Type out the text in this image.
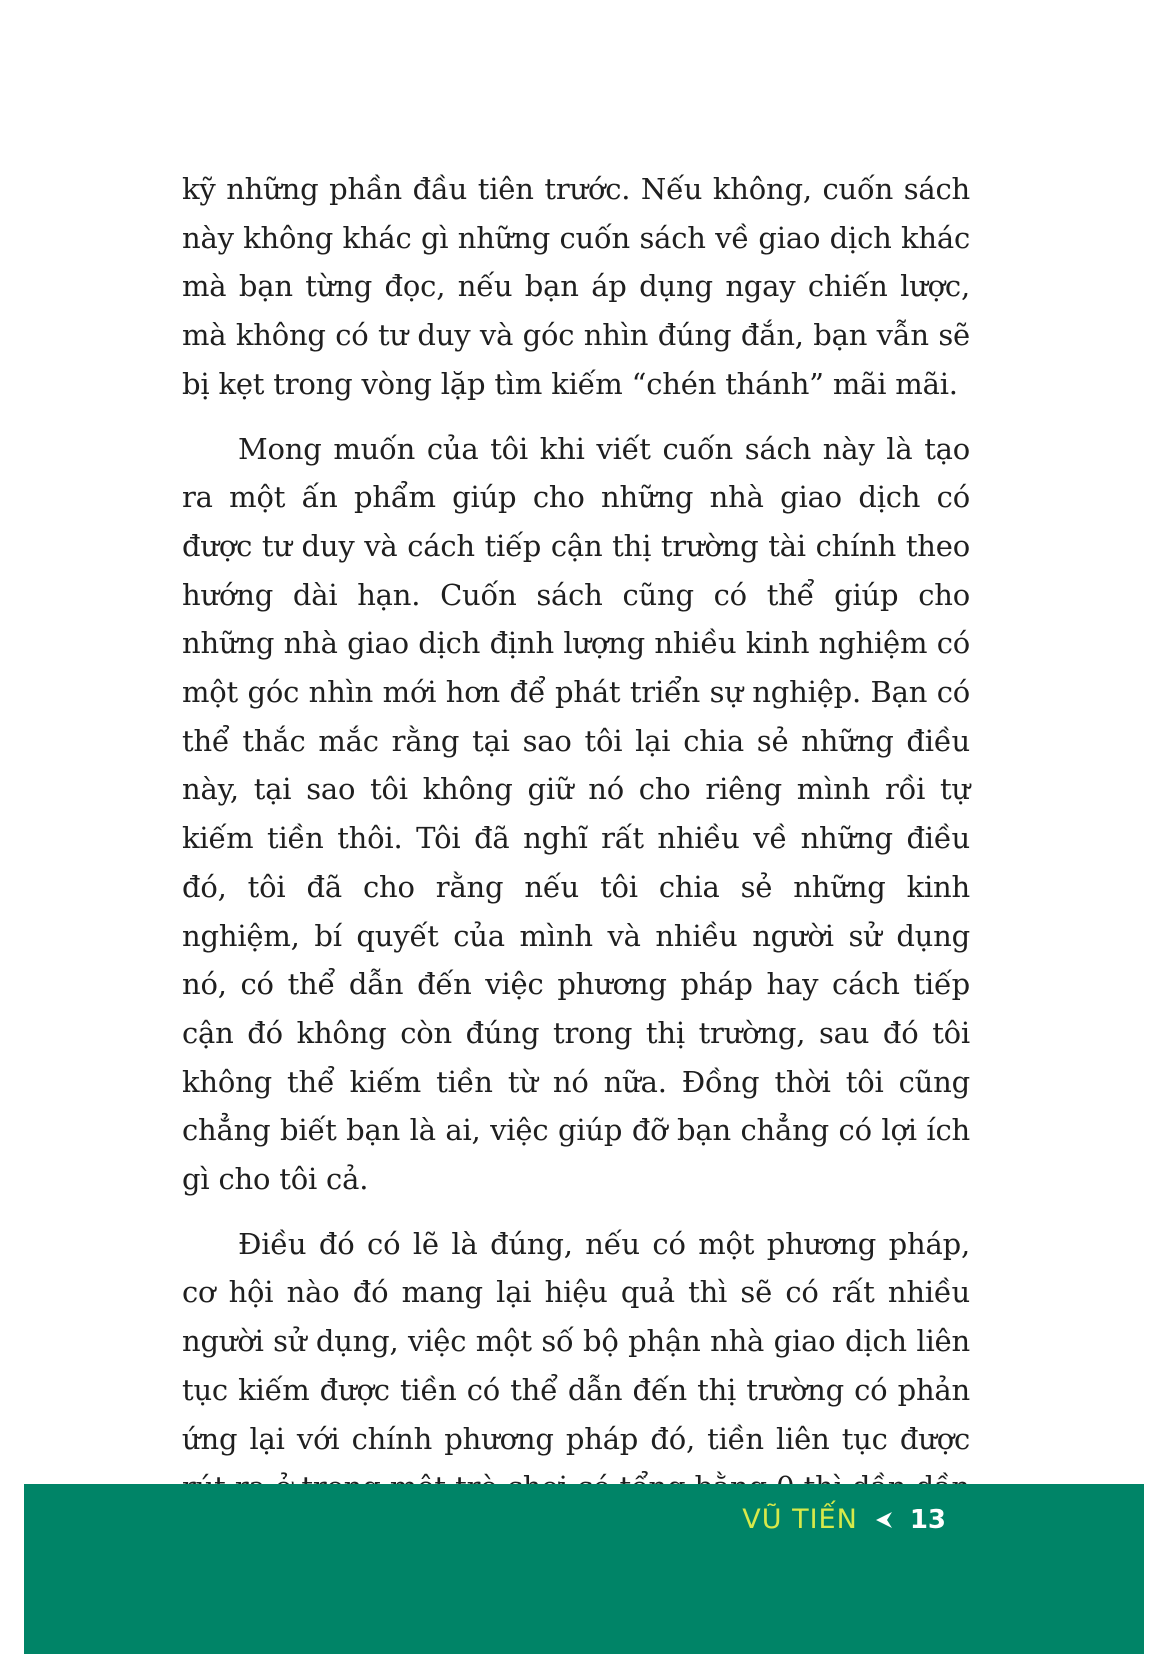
kỹ những phần đầu tiên trước. Nếu không, cuốn sách này không khác gì những cuốn sách về giao dịch khác mà bạn từng đọc, nếu bạn áp dụng ngay chiến lược, mà không có tư duy và góc nhìn đúng đắn, bạn vẫn sẽ bị kẹt trong vòng lặp tìm kiếm “chén thánh” mãi mãi.

Mong muốn của tôi khi viết cuốn sách này là tạo ra một ấn phẩm giúp cho những nhà giao dịch có được tư duy và cách tiếp cận thị trường tài chính theo hướng dài hạn. Cuốn sách cũng có thể giúp cho những nhà giao dịch định lượng nhiều kinh nghiệm có một góc nhìn mới hơn để phát triển sự nghiệp. Bạn có thể thắc mắc rằng tại sao tôi lại chia sẻ những điều này, tại sao tôi không giữ nó cho riêng mình rồi tự kiếm tiền thôi. Tôi đã nghĩ rất nhiều về những điều đó, tôi đã cho rằng nếu tôi chia sẻ những kinh nghiệm, bí quyết của mình và nhiều người sử dụng nó, có thể dẫn đến việc phương pháp hay cách tiếp cận đó không còn đúng trong thị trường, sau đó tôi không thể kiếm tiền từ nó nữa. Đồng thời tôi cũng chẳng biết bạn là ai, việc giúp đỡ bạn chẳng có lợi ích gì cho tôi cả.

Điều đó có lẽ là đúng, nếu có một phương pháp, cơ hội nào đó mang lại hiệu quả thì sẽ có rất nhiều người sử dụng, việc một số bộ phận nhà giao dịch liên tục kiếm được tiền có thể dẫn đến thị trường có phản ứng lại với chính phương pháp đó, tiền liên tục được

VŨ TIẾN 13
